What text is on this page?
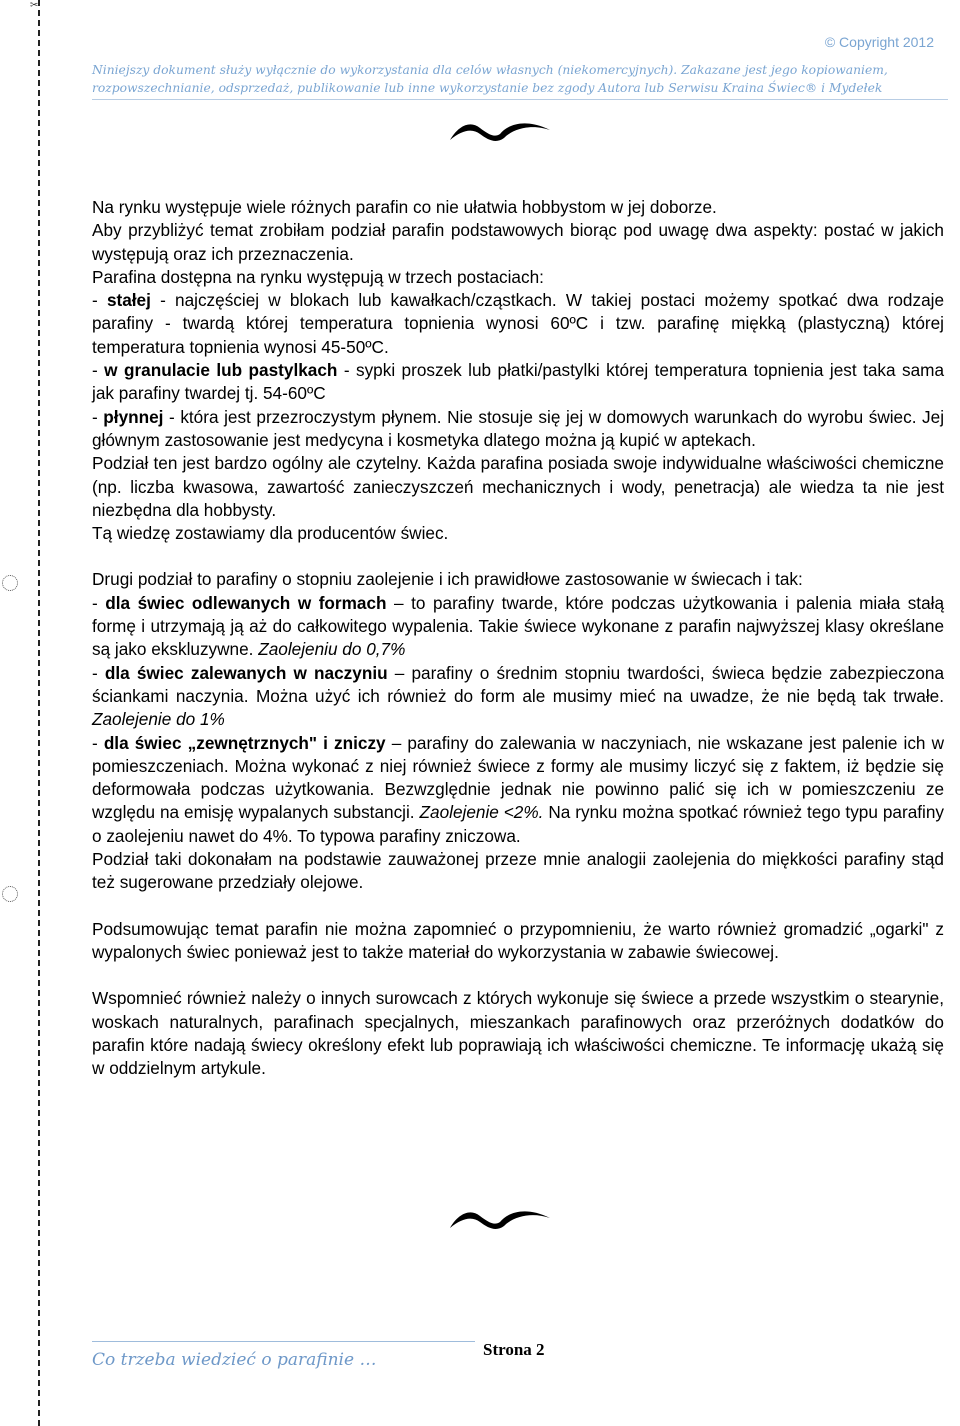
✂
© Copyright 2012
Niniejszy dokument służy wyłącznie do wykorzystania dla celów własnych (niekomercyjnych). Zakazane jest jego kopiowaniem,
rozpowszechnianie, odsprzedaż, publikowanie lub inne wykorzystanie bez zgody Autora lub Serwisu Kraina Świec® i Mydełek

Na rynku występuje wiele różnych parafin co nie ułatwia hobbystom w jej doborze.

Aby przybliżyć temat zrobiłam podział parafin podstawowych biorąc pod uwagę dwa aspekty: postać w jakich występują oraz ich przeznaczenia.

Parafina dostępna na rynku występują w trzech postaciach:

- stałej - najczęściej w blokach lub kawałkach/cząstkach. W takiej postaci możemy spotkać dwa rodzaje parafiny - twardą której temperatura topnienia wynosi 60ºC i tzw. parafinę miękką (plastyczną) której temperatura topnienia wynosi 45-50ºC.

- w granulacie lub pastylkach - sypki proszek lub płatki/pastylki której temperatura topnienia jest taka sama jak parafiny twardej tj. 54-60ºC

- płynnej - która jest przezroczystym płynem. Nie stosuje się jej w domowych warunkach do wyrobu świec. Jej głównym zastosowanie jest medycyna i kosmetyka dlatego można ją kupić w aptekach.

Podział ten jest bardzo ogólny ale czytelny. Każda parafina posiada swoje indywidualne właściwości chemiczne (np. liczba kwasowa, zawartość zanieczyszczeń mechanicznych i wody, penetracja) ale wiedza ta nie jest niezbędna dla hobbysty.

Tą wiedzę zostawiamy dla producentów świec.

Drugi podział to parafiny o stopniu zaolejenie i ich prawidłowe zastosowanie w świecach i tak:

- dla świec odlewanych w formach – to parafiny twarde, które podczas użytkowania i palenia miała stałą formę i utrzymają ją aż do całkowitego wypalenia. Takie świece wykonane z parafin najwyższej klasy określane są jako ekskluzywne. Zaolejeniu do 0,7%

- dla świec zalewanych w naczyniu – parafiny o średnim stopniu twardości, świeca będzie zabezpieczona ściankami naczynia. Można użyć ich również do form ale musimy mieć na uwadze, że nie będą tak trwałe. Zaolejenie do 1%

- dla świec „zewnętrznych" i zniczy – parafiny do zalewania w naczyniach, nie wskazane jest palenie ich w pomieszczeniach. Można wykonać z niej również świece z formy ale musimy liczyć się z faktem, iż będzie się deformowała podczas użytkowania. Bezwzględnie jednak nie powinno palić się ich w pomieszczeniu ze względu na emisję wypalanych substancji. Zaolejenie <2%. Na rynku można spotkać również tego typu parafiny o zaolejeniu nawet do 4%. To typowa parafiny zniczowa.

Podział taki dokonałam na podstawie zauważonej przeze mnie analogii zaolejenia do miękkości parafiny stąd też sugerowane przedziały olejowe.

Podsumowując temat parafin nie można zapomnieć o przypomnieniu, że warto również gromadzić „ogarki" z wypalonych świec ponieważ jest to także materiał do wykorzystania w zabawie świecowej.

Wspomnieć również należy o innych surowcach z których wykonuje się świece a przede wszystkim o stearynie, woskach naturalnych, parafinach specjalnych, mieszankach parafinowych oraz przeróżnych dodatków do parafin które nadają świecy określony efekt lub poprawiają ich właściwości chemiczne. Te informację ukażą się w oddzielnym artykule.

Co trzeba wiedzieć o parafinie …
Strona 2
